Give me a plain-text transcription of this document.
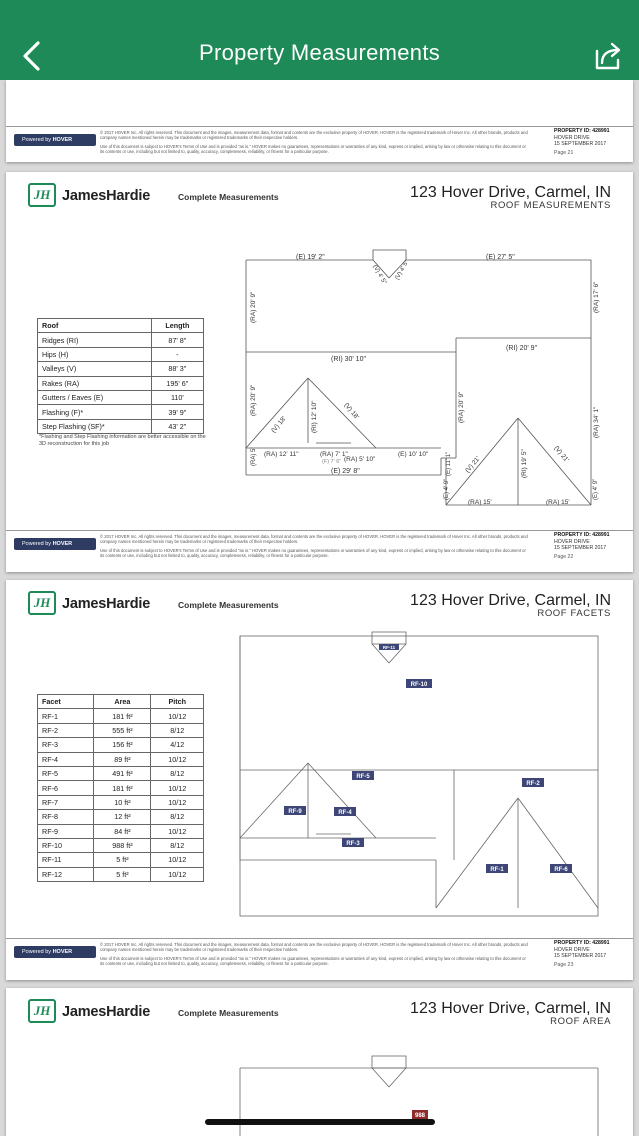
Property Measurements
Powered by HOVER

© 2017 HOVER Inc. All rights reserved. This document and the images, measurement data, format and contents are the exclusive property of HOVER. HOVER is the registered trademark of Hover Inc. All other brands, products and company names mentioned herein may be trademarks or registered trademarks of their respective holders.

Use of this document is subject to HOVER's Terms of Use and is provided "as is." HOVER makes no guarantees, representations or warranties of any kind, express or implied, arising by law or otherwise relating to this document or its contents or use, including but not limited to, quality, accuracy, completeness, reliability, or fitness for a particular purpose.

PROPERTY ID: 428991
HOVER DRIVE
15 SEPTEMBER 2017
Page 21
JH JamesHardie	Complete Measurements	123 Hover Drive, Carmel, IN
ROOF MEASUREMENTS
Roof	Length
Ridges (RI)	87' 8"
Hips (H)	-
Valleys (V)	88' 3"
Rakes (RA)	195' 6"
Gutters / Eaves (E)	110'
Flashing (F)*	39' 9"
Step Flashing (SF)*	43' 2"
*Flashing and Step Flashing information are better accessible on the 3D reconstruction for this job
(E) 19' 2"	(E) 27' 5"
(V) 4' 5" (V) 4' 5"
(RA) 20' 9"	(RA) 17' 6"
(RI) 30' 10"
(RI) 20' 9"
(RA) 20' 9"
(RI) 12' 10"
(V) 18'
(V) 18'	(RA) 20' 9"	(RA) 34' 1"
(RA) 12' 11"	(RA) 7' 1"
(RA) 5' 10"
(F) 7' 6"
(E) 10' 10"
(RA) 5'
(E) 29' 8"	(E) 11' 1" (V) 21'	(RI) 19' 5"	(V) 21'
(E) 4' 9"	(E) 4' 9"
(RA) 15'	(RA) 15'
Powered by HOVER

© 2017 HOVER Inc. All rights reserved. This document and the images, measurement data, format and contents are the exclusive property of HOVER. HOVER is the registered trademark of Hover Inc. All other brands, products and company names mentioned herein may be trademarks or registered trademarks of their respective holders.

Use of this document is subject to HOVER's Terms of Use and is provided "as is." HOVER makes no guarantees, representations or warranties of any kind, express or implied, arising by law or otherwise relating to this document or its contents or use, including but not limited to, quality, accuracy, completeness, reliability, or fitness for a particular purpose.

PROPERTY ID: 428991
HOVER DRIVE
15 SEPTEMBER 2017
Page 22
JH JamesHardie	Complete Measurements	123 Hover Drive, Carmel, IN
ROOF FACETS
Facet	Area	Pitch
RF-1	181 ft²	10/12
RF-2	555 ft²	8/12
RF-3	156 ft²	4/12
RF-4	89 ft²	10/12
RF-5	491 ft²	8/12
RF-6	181 ft²	10/12
RF-7	10 ft²	10/12
RF-8	12 ft²	8/12
RF-9	84 ft²	10/12
RF-10	988 ft²	8/12
RF-11	5 ft²	10/12
RF-12	5 ft²	10/12
RF-10
RF-5
RF-2
RF-9	RF-4
RF-3
RF-1	RF-6
RF-11
Powered by HOVER

© 2017 HOVER Inc. All rights reserved. This document and the images, measurement data, format and contents are the exclusive property of HOVER. HOVER is the registered trademark of Hover Inc. All other brands, products and company names mentioned herein may be trademarks or registered trademarks of their respective holders.

Use of this document is subject to HOVER's Terms of Use and is provided "as is." HOVER makes no guarantees, representations or warranties of any kind, express or implied, arising by law or otherwise relating to this document or its contents or use, including but not limited to, quality, accuracy, completeness, reliability, or fitness for a particular purpose.

PROPERTY ID: 428991
HOVER DRIVE
15 SEPTEMBER 2017
Page 23
JH JamesHardie	Complete Measurements	123 Hover Drive, Carmel, IN
ROOF AREA
988
